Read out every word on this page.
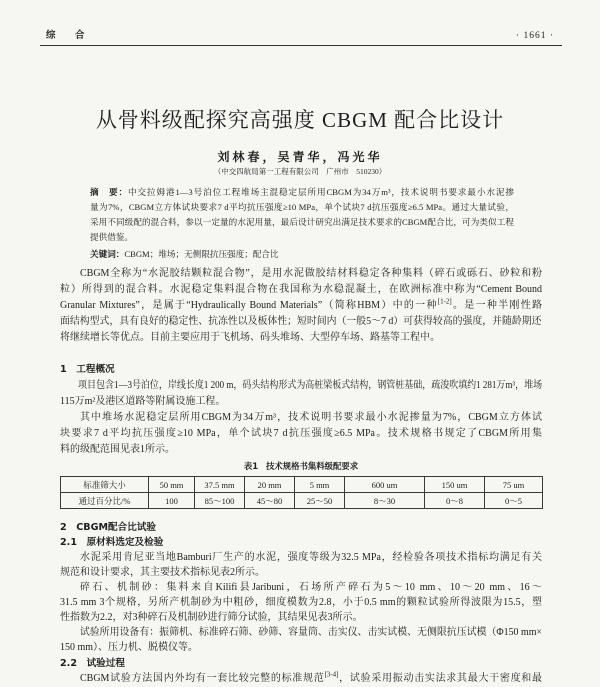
综　合	· 1661 ·
从骨料级配探究高强度 CBGM 配合比设计
刘林春，吴青华，冯光华
（中交四航局第一工程有限公司　广州市　510230）
摘　要：中交拉姆港1—3号泊位工程堆场主混稳定层所用CBGM为34万m³，技术说明书要求最小水泥掺
量为7%，CBGM立方体试块要求7 d平均抗压强度≥10 MPa，单个试块7 d抗压强度≥6.5 MPa。通过大量试验，
采用不同级配的混合料，参以一定量的水泥用量，最后设计研究出满足技术要求的CBGM配合比，可为类似工程
提供借鉴。
关键词：CBGM；堆场；无侧限抗压强度；配合比
CBGM全称为“水泥胶结颗粒混合物”，是用水泥做胶结材料稳定各种集料（碎石或砾石、砂粒和粉
粒）所得到的混合料。水泥稳定集料混合物在我国称为水稳混凝土，在欧洲标准中称为“Cement Bound
Granular Mixtures”，是属于“Hydraulically Bound Materials”（简称HBM）中的一种[1-2]。是一种半刚性路
面结构型式，具有良好的稳定性、抗冻性以及板体性；短时间内（一般5～7 d）可获得较高的强度，并随龄期还
将继续增长等优点。目前主要应用于飞机场、码头堆场、大型停车场、路基等工程中。
1　工程概况
项目包含1—3号泊位，岸线长度1 200 m，码头结构形式为高桩梁板式结构，钢管桩基础，疏浚吹填约1 281万m³，堆场
115万m²及港区道路等附属设施工程。
其中堆场水泥稳定层所用CBGM为34万m³，技术说明书要求最小水泥掺量为7%，CBGM立方体试
块要求7 d平均抗压强度≥10 MPa，单个试块7 d抗压强度≥6.5 MPa。技术规格书规定了CBGM所用集
料的级配范围见表1所示。
表1 技术规格书集料级配要求
标准筛大小	50 mm	37.5 mm	20 mm	5 mm	600 um	150 um	75 um
通过百分比/%	100	85～100	45～80	25～50	8～30	0～8	0～5
2　CBGM配合比试验
2.1　原材料选定及检验
水泥采用肯尼亚当地Bamburi厂生产的水泥，强度等级为32.5 MPa，经检验各项技术指标均满足有关
规范和设计要求，其主要技术指标见表2所示。
碎石、机制砂：集料来自Kilifi县Jaribuni，石场所产碎石为5～10 mm、10～20 mm、16～
31.5 mm 3个规格，另所产机制砂为中粗砂，细度模数为2.8，小于0.5 mm的颗粒试验所得波限为15.5，塑
性指数为2.2，对3种碎石及机制砂进行筛分试验，其结果见表3所示。
试验所用设备有：振筛机、标准碎石筛、砂筛、容量筒、击实仪、击实试模、无侧限抗压试模（Φ150 mm×
150 mm）、压力机、脱模仪等。
2.2　试验过程
CBGM试验方法国内外均有一套比较完整的标准规范[3-4]，试验采用振动击实法求其最大干密度和最
